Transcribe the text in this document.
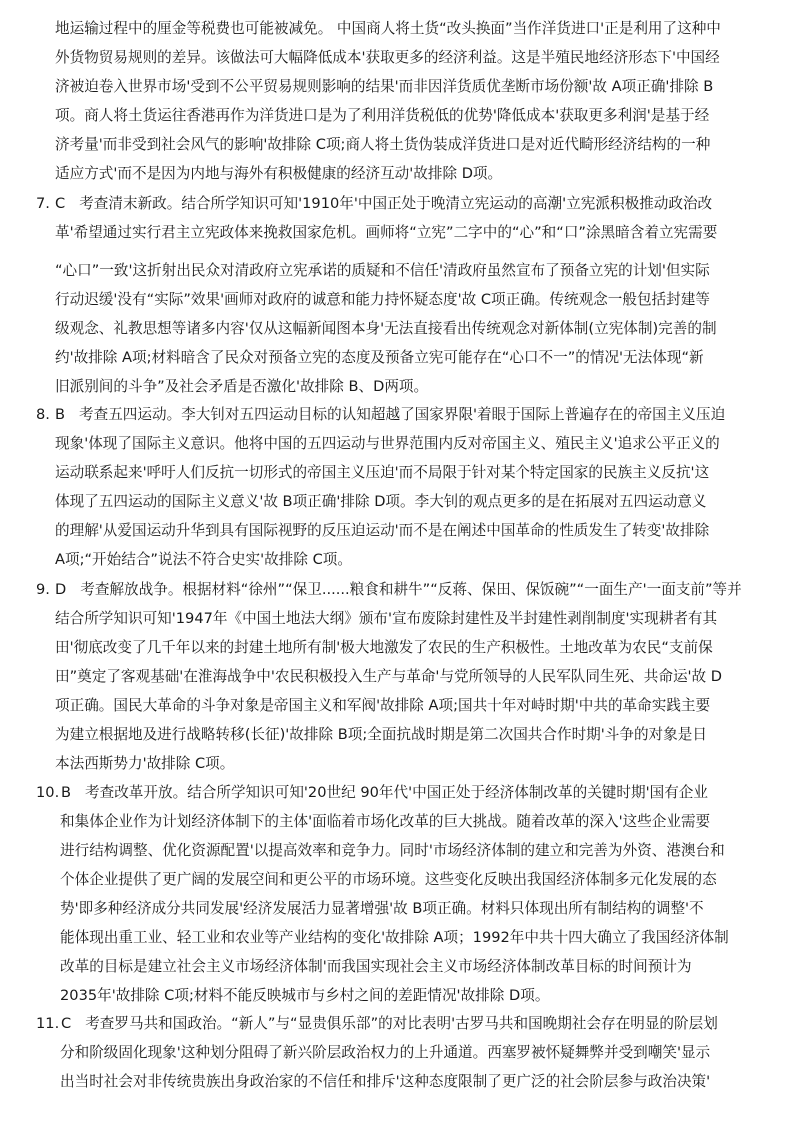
地运输过程中的厘金等税费也可能被减免。 中国商人将土货“改头换面”当作洋货进口'正是利用了这种中
外货物贸易规则的差异。该做法可大幅降低成本'获取更多的经济利益。这是半殖民地经济形态下'中国经
济被迫卷入世界市场'受到不公平贸易规则影响的结果'而非因洋货质优垄断市场份额'故 A项正确'排除 B
项。商人将土货运往香港再作为洋货进口是为了利用洋货税低的优势'降低成本'获取更多利润'是基于经
济考量'而非受到社会风气的影响'故排除 C项;商人将土货伪装成洋货进口是对近代畸形经济结构的一种
适应方式'而不是因为内地与海外有积极健康的经济互动'故排除 D项。
7. C 考查清末新政。结合所学知识可知'1910年'中国正处于晚清立宪运动的高潮'立宪派积极推动政治改
革'希望通过实行君主立宪政体来挽救国家危机。画师将“立宪”二字中的“心”和“口”涂黑暗含着立宪需要
“心口”一致'这折射出民众对清政府立宪承诺的质疑和不信任'清政府虽然宣布了预备立宪的计划'但实际
行动迟缓'没有“实际”效果'画师对政府的诚意和能力持怀疑态度'故 C项正确。传统观念一般包括封建等
级观念、礼教思想等诸多内容'仅从这幅新闻图本身'无法直接看出传统观念对新体制(立宪体制)完善的制
约'故排除 A项;材料暗含了民众对预备立宪的态度及预备立宪可能存在“心口不一”的情况'无法体现“新
旧派别间的斗争”及社会矛盾是否激化'故排除 B、D两项。
8. B 考查五四运动。李大钊对五四运动目标的认知超越了国家界限'着眼于国际上普遍存在的帝国主义压迫
现象'体现了国际主义意识。他将中国的五四运动与世界范围内反对帝国主义、殖民主义'追求公平正义的
运动联系起来'呼吁人们反抗一切形式的帝国主义压迫'而不局限于针对某个特定国家的民族主义反抗'这
体现了五四运动的国际主义意义'故 B项正确'排除 D项。李大钊的观点更多的是在拓展对五四运动意义
的理解'从爱国运动升华到具有国际视野的反压迫运动'而不是在阐述中国革命的性质发生了转变'故排除
A项;“开始结合”说法不符合史实'故排除 C项。
9. D 考查解放战争。根据材料“徐州”“保卫......粮食和耕牛”“反蒋、保田、保饭碗”“一面生产'一面支前”等并
结合所学知识可知'1947年《中国土地法大纲》颁布'宣布废除封建性及半封建性剥削制度'实现耕者有其
田'彻底改变了几千年以来的封建土地所有制'极大地激发了农民的生产积极性。土地改革为农民“支前保
田”奠定了客观基础'在淮海战争中'农民积极投入生产与革命'与党所领导的人民军队同生死、共命运'故 D
项正确。国民大革命的斗争对象是帝国主义和军阀'故排除 A项;国共十年对峙时期'中共的革命实践主要
为建立根据地及进行战略转移(长征)'故排除 B项;全面抗战时期是第二次国共合作时期'斗争的对象是日
本法西斯势力'故排除 C项。
10. B 考查改革开放。结合所学知识可知'20世纪 90年代'中国正处于经济体制改革的关键时期'国有企业
和集体企业作为计划经济体制下的主体'面临着市场化改革的巨大挑战。随着改革的深入'这些企业需要
进行结构调整、优化资源配置'以提高效率和竞争力。同时'市场经济体制的建立和完善为外资、港澳台和
个体企业提供了更广阔的发展空间和更公平的市场环境。这些变化反映出我国经济体制多元化发展的态
势'即多种经济成分共同发展'经济发展活力显著增强'故 B项正确。材料只体现出所有制结构的调整'不
能体现出重工业、轻工业和农业等产业结构的变化'故排除 A项；1992年中共十四大确立了我国经济体制
改革的目标是建立社会主义市场经济体制'而我国实现社会主义市场经济体制改革目标的时间预计为
2035年'故排除 C项;材料不能反映城市与乡村之间的差距情况'故排除 D项。
11. C 考查罗马共和国政治。“新人”与“显贵俱乐部”的对比表明'古罗马共和国晚期社会存在明显的阶层划
分和阶级固化现象'这种划分阻碍了新兴阶层政治权力的上升通道。西塞罗被怀疑舞弊并受到嘲笑'显示
出当时社会对非传统贵族出身政治家的不信任和排斥'这种态度限制了更广泛的社会阶层参与政治决策'
